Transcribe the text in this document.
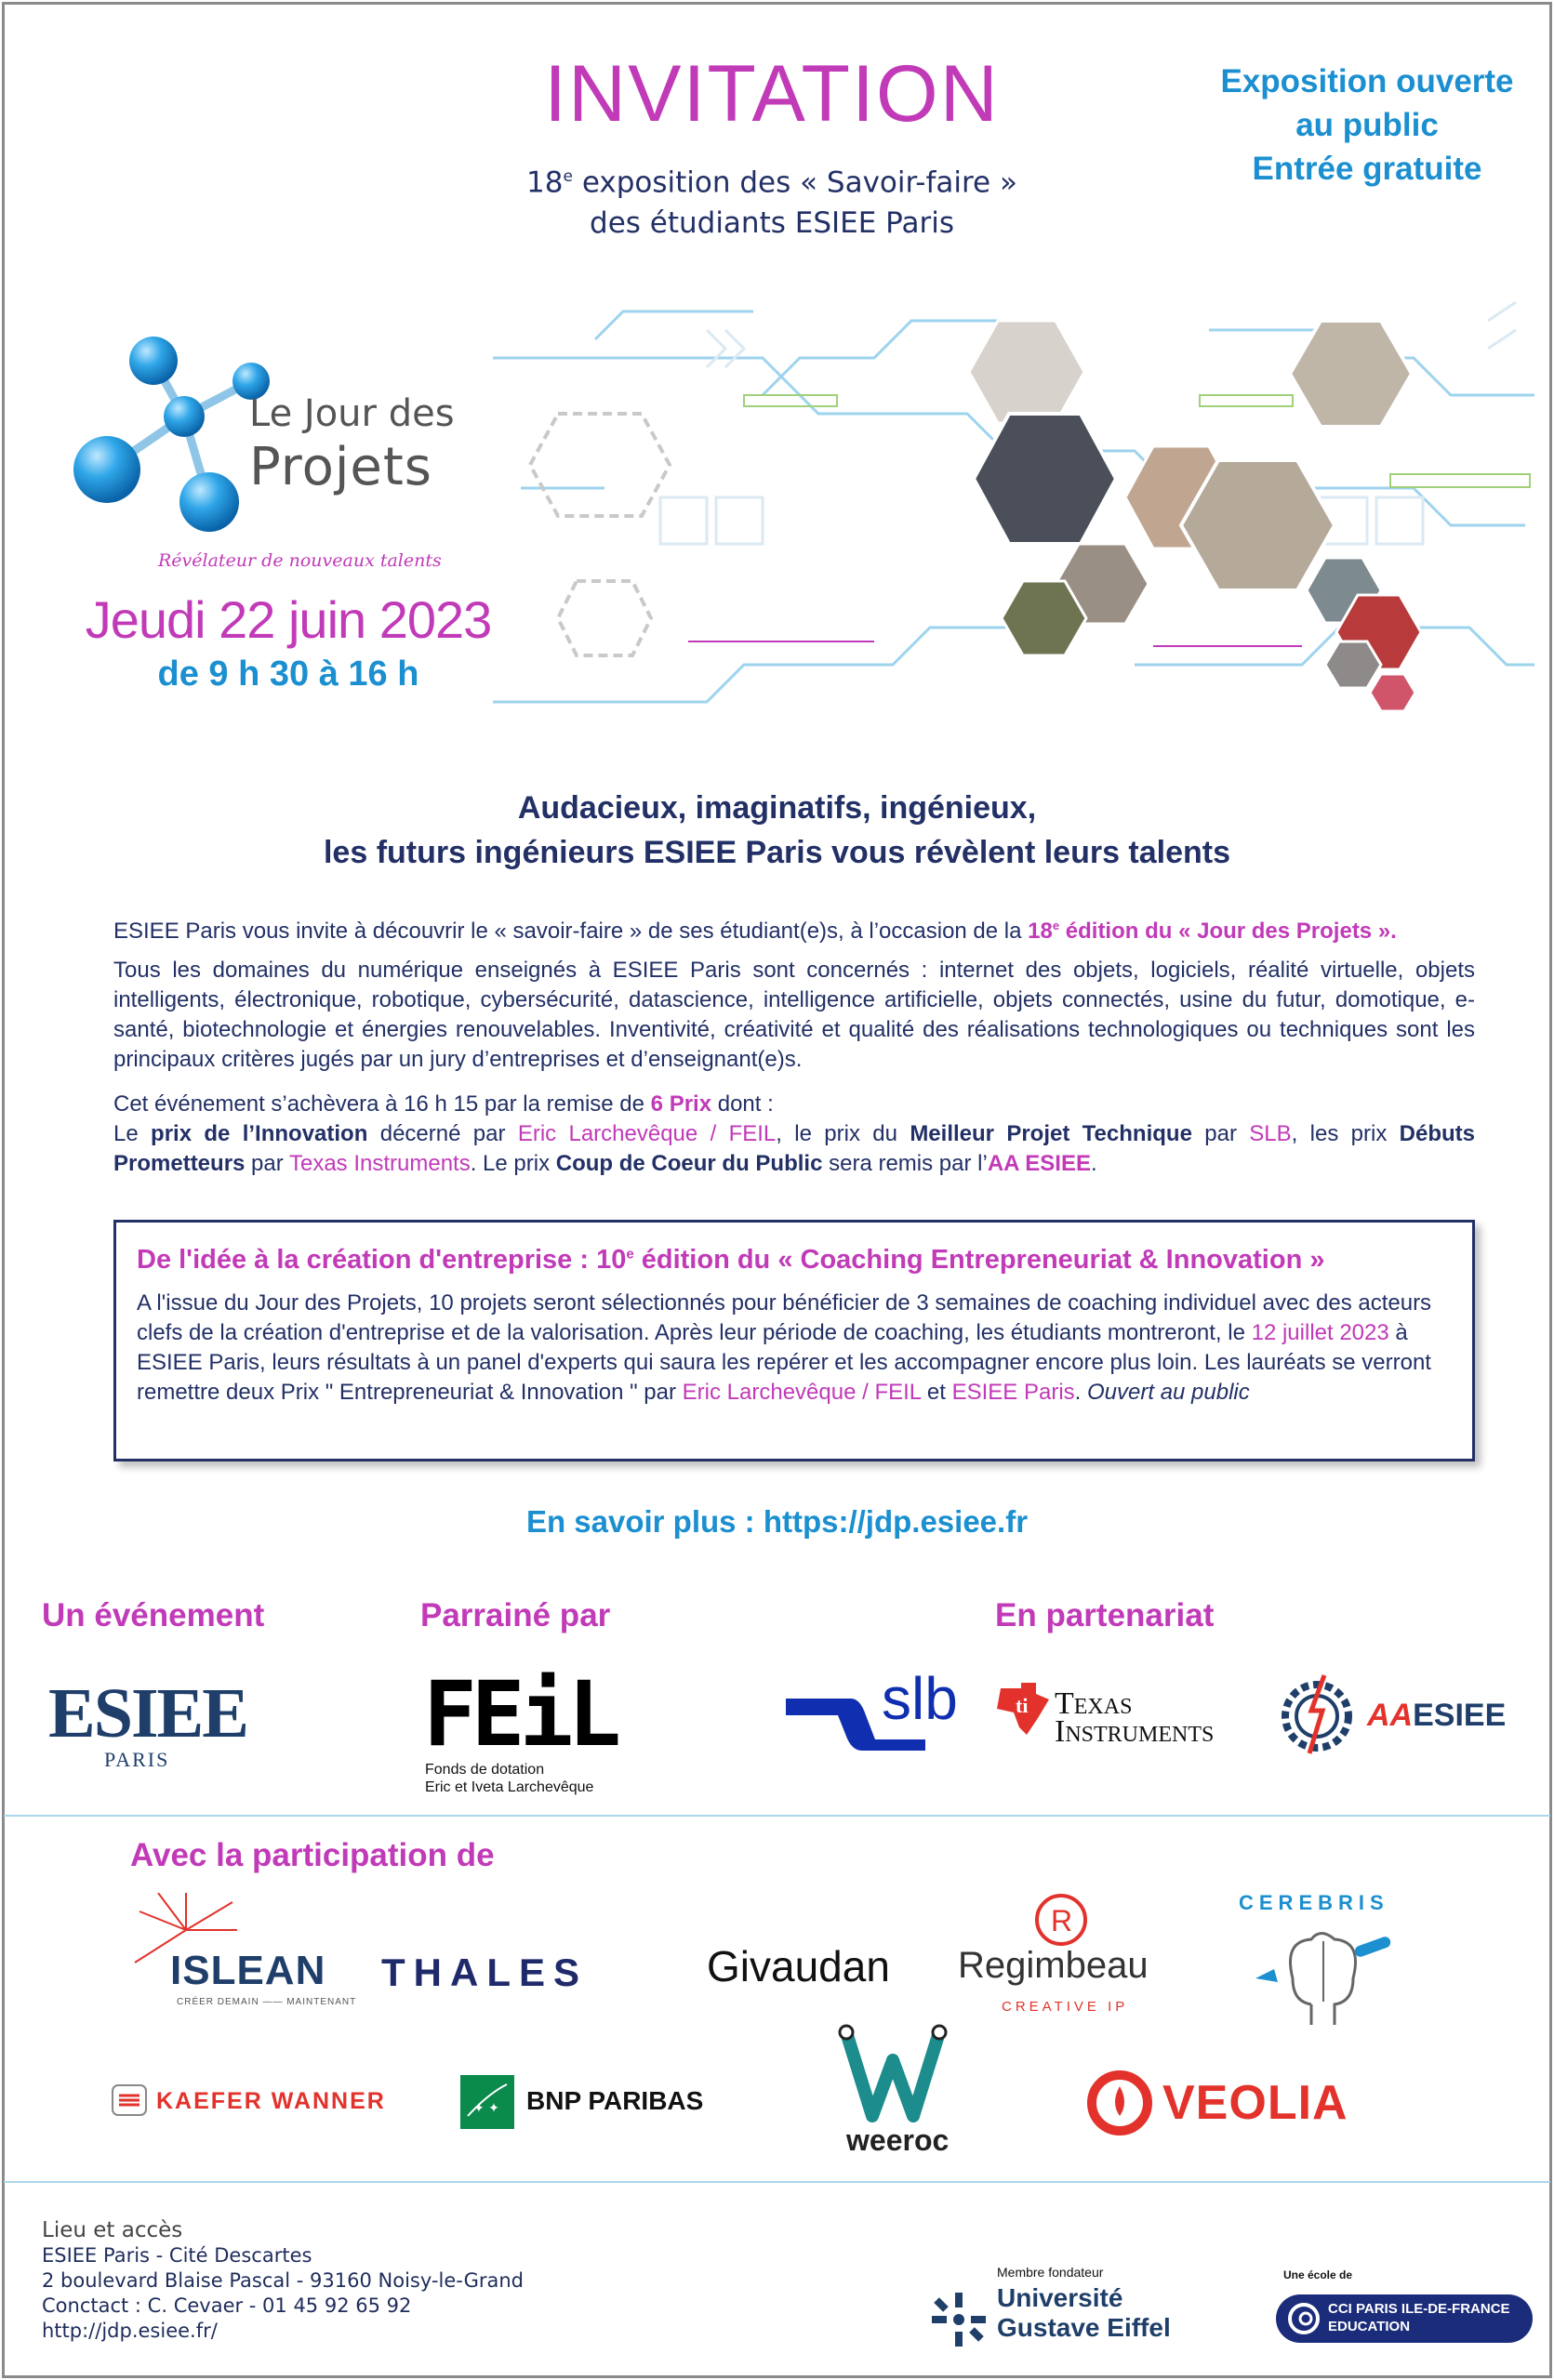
INVITATION
18e exposition des « Savoir-faire »
des étudiants ESIEE Paris
Exposition ouverte
au public
Entrée gratuite
Le Jour des
Projets
Révélateur de nouveaux talents
Jeudi 22 juin 2023
de 9 h 30 à 16 h
Audacieux, imaginatifs, ingénieux,
les futurs ingénieurs ESIEE Paris vous révèlent leurs talents
ESIEE Paris vous invite à découvrir le « savoir-faire » de ses étudiant(e)s, à l’occasion de la 18e édition du « Jour des Projets ».
Tous les domaines du numérique enseignés à ESIEE Paris sont concernés : internet des objets, logiciels, réalité virtuelle, objets intelligents, électronique, robotique, cybersécurité, datascience, intelligence artificielle, objets connectés, usine du futur, domotique, e-santé, biotechnologie et énergies renouvelables. Inventivité, créativité et qualité des réalisations technologiques ou techniques sont les principaux critères jugés par un jury d’entreprises et d’enseignant(e)s.
Cet événement s’achèvera à 16 h 15 par la remise de 6 Prix dont :
Le prix de l’Innovation décerné par Eric Larchevêque / FEIL, le prix du Meilleur Projet Technique par SLB, les prix Débuts Prometteurs par Texas Instruments. Le prix Coup de Coeur du Public sera remis par l’AA ESIEE.
De l'idée à la création d'entreprise : 10e édition du « Coaching Entrepreneuriat & Innovation »
A l'issue du Jour des Projets, 10 projets seront sélectionnés pour bénéficier de 3 semaines de coaching individuel avec des acteurs clefs de la création d'entreprise et de la valorisation. Après leur période de coaching, les étudiants montreront, le 12 juillet 2023 à ESIEE Paris, leurs résultats à un panel d'experts qui saura les repérer et les accompagner encore plus loin. Les lauréats se verront remettre deux Prix " Entrepreneuriat & Innovation " par Eric Larchevêque / FEIL et ESIEE Paris. Ouvert au public
En savoir plus : https://jdp.esiee.fr
Un événement	Parrainé par	En partenariat
ESIEE
PARIS	FEiL
Fonds de dotation
Eric et Iveta Larchevêque
slb	ti Texas
Instruments	AAESIEE
Avec la participation de
ISLEAN
CRÉER DEMAIN —— MAINTENANT
THALES	Givaudan
R
Regimbeau
CREATIVE IP
CEREBRIS
KAEFER WANNER	✦ ✦ BNP PARIBAS
weeroc
VEOLIA
Lieu et accès
ESIEE Paris - Cité Descartes
2 boulevard Blaise Pascal - 93160 Noisy-le-Grand
Conctact : C. Cevaer - 01 45 92 65 92
http://jdp.esiee.fr/
Membre fondateur
Université
Gustave Eiffel
Une école de
CCI PARIS ILE-DE-FRANCE
EDUCATION
